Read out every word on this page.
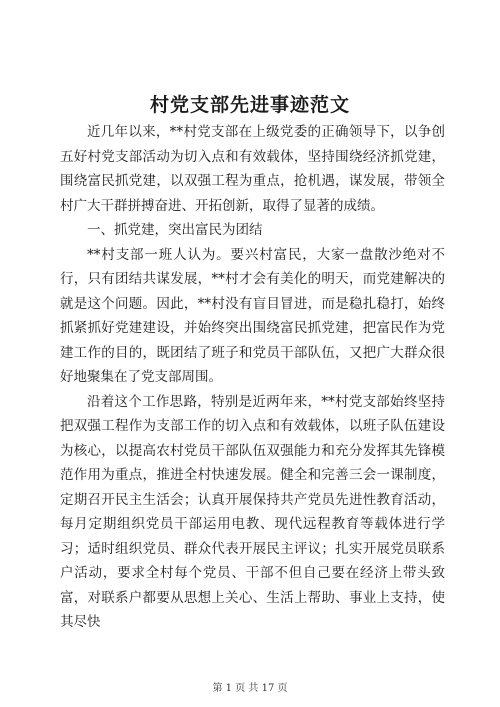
村党支部先进事迹范文

近几年以来，**村党支部在上级党委的正确领导下，以争创五好村党支部活动为切入点和有效载体，坚持围绕经济抓党建，围绕富民抓党建，以双强工程为重点，抢机遇，谋发展，带领全村广大干群拼搏奋进、开拓创新，取得了显著的成绩。

一、抓党建，突出富民为团结

**村支部一班人认为。要兴村富民，大家一盘散沙绝对不行，只有团结共谋发展，**村才会有美化的明天，而党建解决的就是这个问题。因此，**村没有盲目冒进，而是稳扎稳打，始终抓紧抓好党建建设，并始终突出围绕富民抓党建，把富民作为党建工作的目的，既团结了班子和党员干部队伍，又把广大群众很好地聚集在了党支部周围。

沿着这个工作思路，特别是近两年来，**村党支部始终坚持把双强工程作为支部工作的切入点和有效载体，以班子队伍建设为核心，以提高农村党员干部队伍双强能力和充分发挥其先锋模范作用为重点，推进全村快速发展。健全和完善三会一课制度，定期召开民主生活会；认真开展保持共产党员先进性教育活动，每月定期组织党员干部运用电教、现代远程教育等载体进行学习；适时组织党员、群众代表开展民主评议；扎实开展党员联系户活动，要求全村每个党员、干部不但自己要在经济上带头致富，对联系户都要从思想上关心、生活上帮助、事业上支持，使其尽快

第 1 页 共 17 页
